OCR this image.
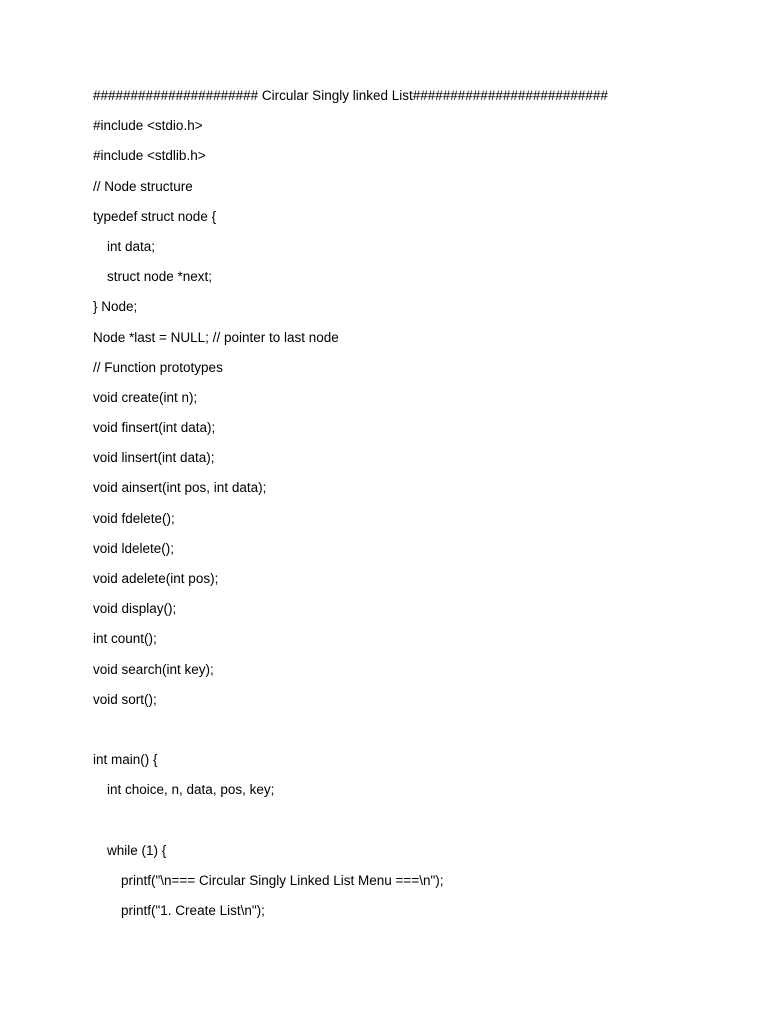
###################### Circular Singly linked List##########################
#include <stdio.h>
#include <stdlib.h>
// Node structure
typedef struct node {
int data;
struct node *next;
} Node;
Node *last = NULL; // pointer to last node
// Function prototypes
void create(int n);
void finsert(int data);
void linsert(int data);
void ainsert(int pos, int data);
void fdelete();
void ldelete();
void adelete(int pos);
void display();
int count();
void search(int key);
void sort();
int main() {
int choice, n, data, pos, key;
while (1) {
printf("\n=== Circular Singly Linked List Menu ===\n");
printf("1. Create List\n");
